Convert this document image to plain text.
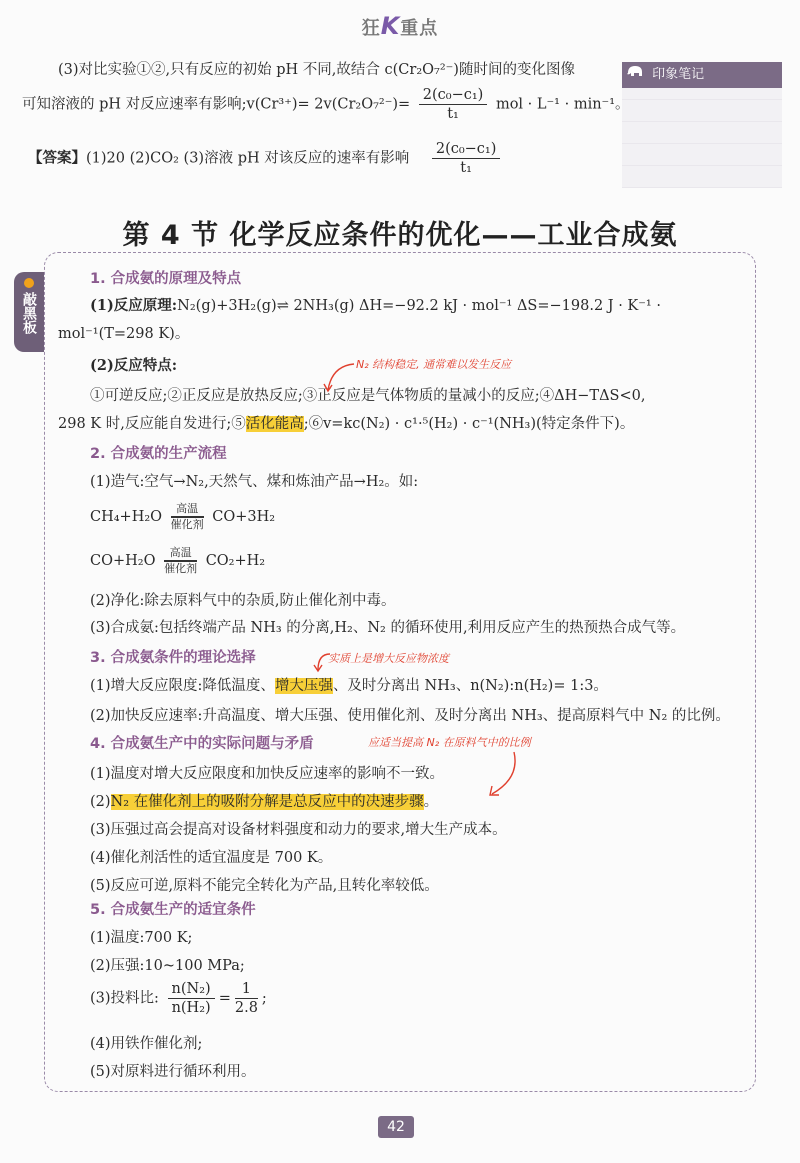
狂K重点
印象笔记
(3)对比实验①②,只有反应的初始 pH 不同,故结合 c(Cr₂O₇²⁻)随时间的变化图像
可知溶液的 pH 对反应速率有影响;v(Cr³⁺)= $2v(Cr_2O_7^{2-})= \frac{\text{2(c₀−c₁)}}{\text{t₁}}$ mol · L⁻¹ · min⁻¹。
【答案】(1)20 (2)CO₂ (3)溶液 pH 对该反应的速率有影响 $\frac{\text{2(c₀−c₁)}}{\text{t₁}}$
第 4 节 化学反应条件的优化——工业合成氨
敲黑板
1. 合成氨的原理及特点
(1)反应原理:N₂(g)+3H₂(g)⇌ 2NH₃(g) ΔH=−92.2 kJ · mol⁻¹ ΔS=−198.2 J · K⁻¹ ·
mol⁻¹(T=298 K)。
(2)反应特点:
①可逆反应;②正反应是放热反应;③正反应是气体物质的量减小的反应;④ΔH−TΔS<0,
298 K 时,反应能自发进行;⑤活化能高;⑥v=kc(N₂) · c¹·⁵(H₂) · c⁻¹(NH₃)(特定条件下)。
2. 合成氨的生产流程
(1)造气:空气→N₂,天然气、煤和炼油产品→H₂。如:
CH₄+H₂O
高温
催化剂 CO+3H₂
CO+H₂O
高温
催化剂 CO₂+H₂
(2)净化:除去原料气中的杂质,防止催化剂中毒。
(3)合成氨:包括终端产品 NH₃ 的分离,H₂、N₂ 的循环使用,利用反应产生的热预热合成气等。
3. 合成氨条件的理论选择
(1)增大反应限度:降低温度、增大压强、及时分离出 NH₃、n(N₂):n(H₂)= 1:3。
(2)加快反应速率:升高温度、增大压强、使用催化剂、及时分离出 NH₃、提高原料气中 N₂ 的比例。
4. 合成氨生产中的实际问题与矛盾
(1)温度对增大反应限度和加快反应速率的影响不一致。
(2)N₂ 在催化剂上的吸附分解是总反应中的决速步骤。
(3)压强过高会提高对设备材料强度和动力的要求,增大生产成本。
(4)催化剂活性的适宜温度是 700 K。
(5)反应可逆,原料不能完全转化为产品,且转化率较低。
5. 合成氨生产的适宜条件
(1)温度:700 K;
(2)压强:10~100 MPa;
(3)投料比: $\frac{\text{n(N₂)}}{\text{n(H₂)}} = \frac{1}{2.8}$ ;
(4)用铁作催化剂;
(5)对原料进行循环利用。
N₂ 结构稳定, 通常难以发生反应
实质上是增大反应物浓度
应适当提高 N₂ 在原料气中的比例
42
